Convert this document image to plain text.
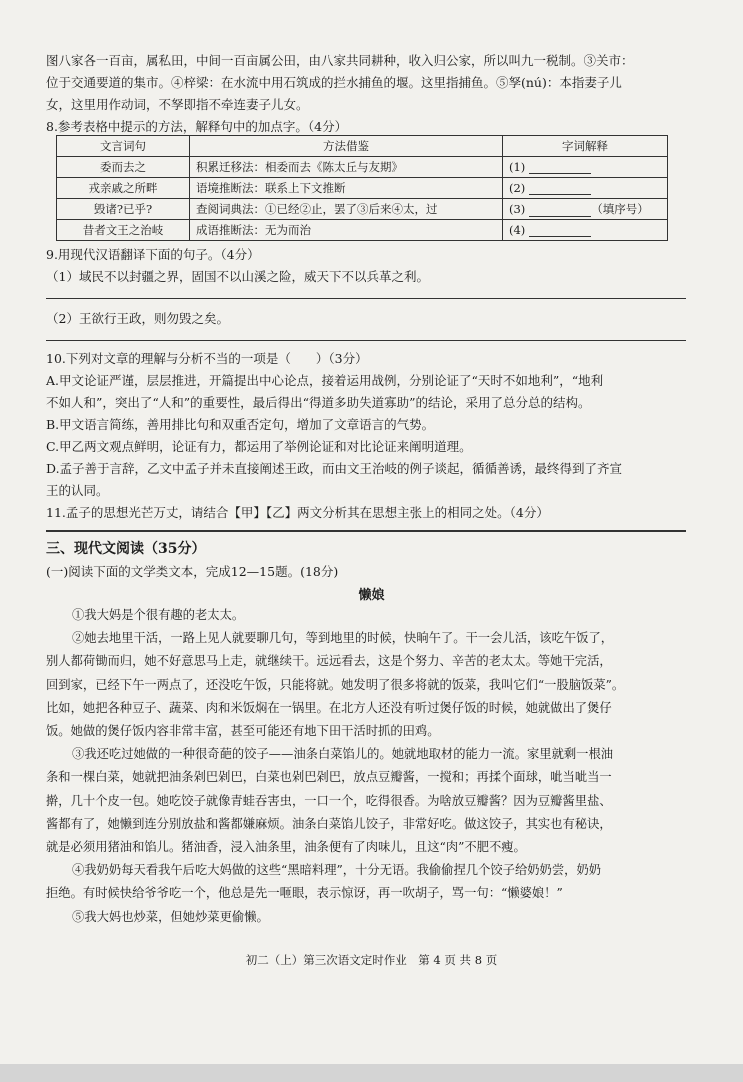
图八家各一百亩，属私田，中间一百亩属公田，由八家共同耕种，收入归公家，所以叫九一税制。③关市：
位于交通要道的集市。④梓梁：在水流中用石筑成的拦水捕鱼的堰。这里指捕鱼。⑤孥(nú)：本指妻子儿
女，这里用作动词，不孥即指不牵连妻子儿女。
8.参考表格中提示的方法，解释句中的加点字。（4分）
文言词句	方法借鉴	字词解释
委而去之	积累迁移法：相委而去《陈太丘与友期》	(1)
戎亲戚之所畔	语境推断法：联系上下文推断	(2)
毁诸?已乎?	查阅词典法：①已经②止，罢了③后来④太，过	(3) （填序号）
昔者文王之治岐	成语推断法：无为而治	(4)
9.用现代汉语翻译下面的句子。（4分）
（1）域民不以封疆之界，固国不以山溪之险，威天下不以兵革之利。
（2）王欲行王政，则勿毁之矣。

10.下列对文章的理解与分析不当的一项是（　　）（3分）

A.甲文论证严谨，层层推进，开篇提出中心论点，接着运用战例，分别论证了“天时不如地利”，“地利

不如人和”，突出了“人和”的重要性，最后得出“得道多助失道寡助”的结论，采用了总分总的结构。

B.甲文语言简练，善用排比句和双重否定句，增加了文章语言的气势。

C.甲乙两文观点鲜明，论证有力，都运用了举例论证和对比论证来阐明道理。

D.孟子善于言辞，乙文中孟子并未直接阐述王政，而由文王治岐的例子谈起，循循善诱，最终得到了齐宣

王的认同。

11.孟子的思想光芒万丈，请结合【甲】【乙】两文分析其在思想主张上的相同之处。（4分）

三、现代文阅读（35分）
(一)阅读下面的文学类文本，完成12—15题。(18分)
懒娘

①我大妈是个很有趣的老太太。

②她去地里干活，一路上见人就要聊几句，等到地里的时候，快晌午了。干一会儿活，该吃午饭了，

别人都荷锄而归，她不好意思马上走，就继续干。远远看去，这是个努力、辛苦的老太太。等她干完活，

回到家，已经下午一两点了，还没吃午饭，只能将就。她发明了很多将就的饭菜，我叫它们“一股脑饭菜”。

比如，她把各种豆子、蔬菜、肉和米饭焖在一锅里。在北方人还没有听过煲仔饭的时候，她就做出了煲仔

饭。她做的煲仔饭内容非常丰富，甚至可能还有地下田干活时抓的田鸡。

③我还吃过她做的一种很奇葩的饺子——油条白菜馅儿的。她就地取材的能力一流。家里就剩一根油

条和一棵白菜，她就把油条剁巴剁巴，白菜也剁巴剁巴，放点豆瓣酱，一搅和；再揉个面球，呲当呲当一

擀，几十个皮一包。她吃饺子就像青蛙吞害虫，一口一个，吃得很香。为啥放豆瓣酱？因为豆瓣酱里盐、

酱都有了，她懒到连分别放盐和酱都嫌麻烦。油条白菜馅儿饺子，非常好吃。做这饺子，其实也有秘诀，

就是必须用猪油和馅儿。猪油香，浸入油条里，油条便有了肉味儿，且这“肉”不肥不瘦。

④我奶奶每天看我午后吃大妈做的这些“黑暗料理”，十分无语。我偷偷捏几个饺子给奶奶尝，奶奶

拒绝。有时候快给爷爷吃一个，他总是先一咂眼，表示惊讶，再一吹胡子，骂一句：“懒婆娘！”

⑤我大妈也炒菜，但她炒菜更偷懒。

初二（上）第三次语文定时作业　第 4 页 共 8 页
